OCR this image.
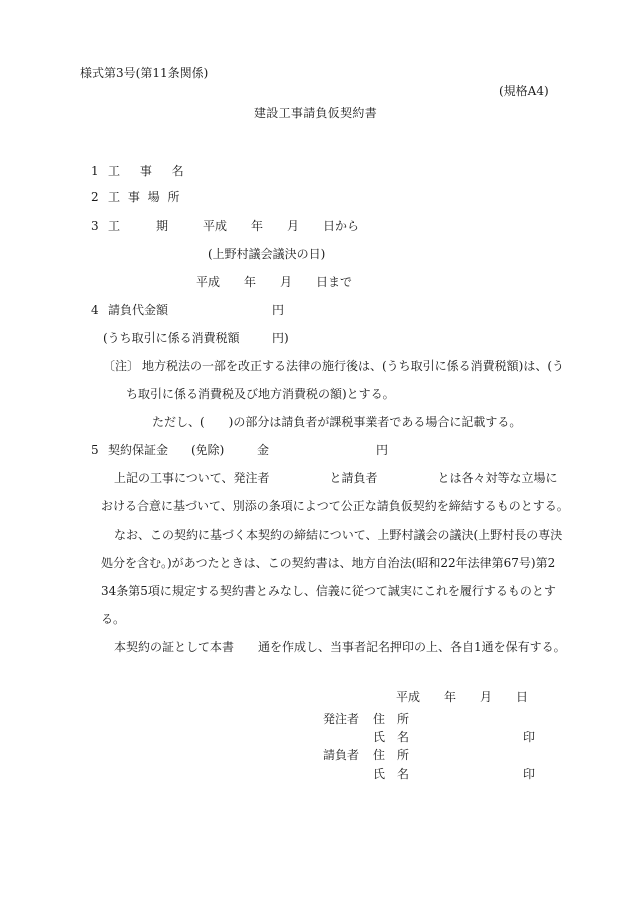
様式第3号(第11条関係)
(規格A4)
建設工事請負仮契約書
1 工 事 名
2 工 事 場 所
3 工　　期	平成　　年　　月　　日から
(上野村議会議決の日)
平成　　年　　月　　日まで
4 請負代金額	円
(うち取引に係る消費税額	円)
〔注〕 地方税法の一部を改正する法律の施行後は、(うち取引に係る消費税額)は、(う
ち取引に係る消費税及び地方消費税の額)とする。
ただし、(　　)の部分は請負者が課税事業者である場合に記載する。
5 契約保証金 (免除)	金	円
上記の工事について、発注者　　　　　と請負者　　　　　とは各々対等な立場に
おける合意に基づいて、別添の条項によつて公正な請負仮契約を締結するものとする。
なお、この契約に基づく本契約の締結について、上野村議会の議決(上野村長の専決
処分を含む。)があつたときは、この契約書は、地方自治法(昭和22年法律第67号)第2
34条第5項に規定する契約書とみなし、信義に従つて誠実にこれを履行するものとす
る。
本契約の証として本書　　通を作成し、当事者記名押印の上、各自1通を保有する。
平成　　年　　月　　日
発注者 住　所
氏　名	印
請負者 住　所
氏　名	印
